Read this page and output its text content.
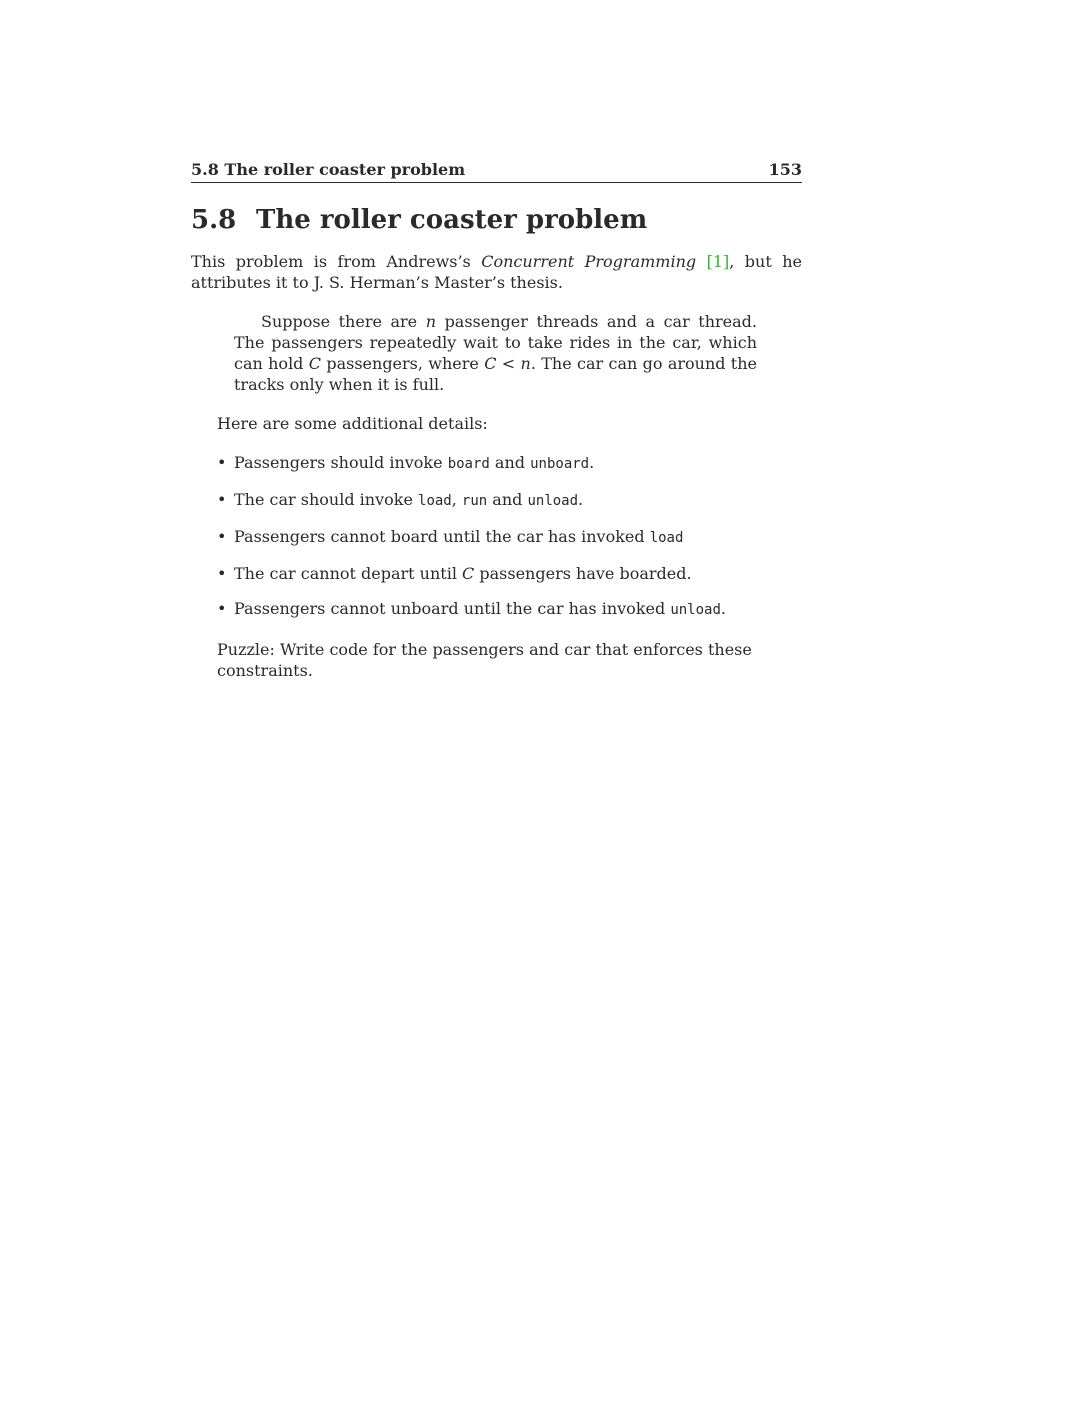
5.8 The roller coaster problem	153
5.8 The roller coaster problem

This problem is from Andrews’s Concurrent Programming [1], but he attributes it to J. S. Herman’s Master’s thesis.

Suppose there are n passenger threads and a car thread. The passengers repeatedly wait to take rides in the car, which can hold C passengers, where C < n. The car can go around the tracks only when it is full.

Here are some additional details:

• Passengers should invoke board and unboard.
• The car should invoke load, run and unload.
• Passengers cannot board until the car has invoked load
• The car cannot depart until C passengers have boarded.
• Passengers cannot unboard until the car has invoked unload.

Puzzle: Write code for the passengers and car that enforces these constraints.
